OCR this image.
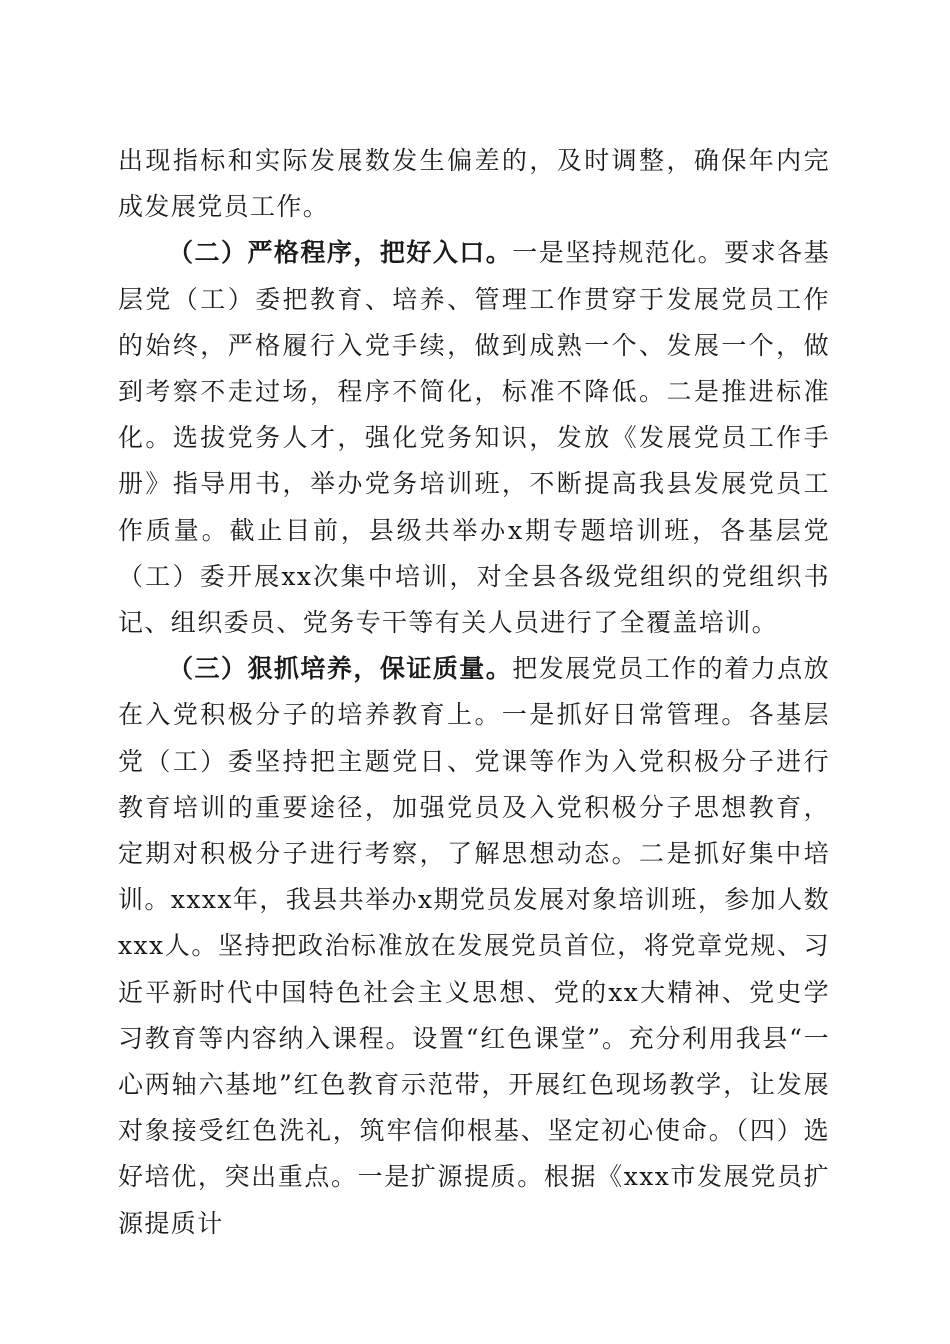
出现指标和实际发展数发生偏差的，及时调整，确保年内完成发展党员工作。

（二）严格程序，把好入口。一是坚持规范化。要求各基层党（工）委把教育、培养、管理工作贯穿于发展党员工作的始终，严格履行入党手续，做到成熟一个、发展一个，做到考察不走过场，程序不简化，标准不降低。二是推进标准化。选拔党务人才，强化党务知识，发放《发展党员工作手册》指导用书，举办党务培训班，不断提高我县发展党员工作质量。截止目前，县级共举办x期专题培训班，各基层党（工）委开展xx次集中培训，对全县各级党组织的党组织书记、组织委员、党务专干等有关人员进行了全覆盖培训。

（三）狠抓培养，保证质量。把发展党员工作的着力点放在入党积极分子的培养教育上。一是抓好日常管理。各基层党（工）委坚持把主题党日、党课等作为入党积极分子进行教育培训的重要途径，加强党员及入党积极分子思想教育，定期对积极分子进行考察，了解思想动态。二是抓好集中培训。xxxx年，我县共举办x期党员发展对象培训班，参加人数xxx人。坚持把政治标准放在发展党员首位，将党章党规、习近平新时代中国特色社会主义思想、党的xx大精神、党史学习教育等内容纳入课程。设置“红色课堂”。充分利用我县“一心两轴六基地”红色教育示范带，开展红色现场教学，让发展对象接受红色洗礼，筑牢信仰根基、坚定初心使命。（四）选好培优，突出重点。一是扩源提质。根据《xxx市发展党员扩源提质计
